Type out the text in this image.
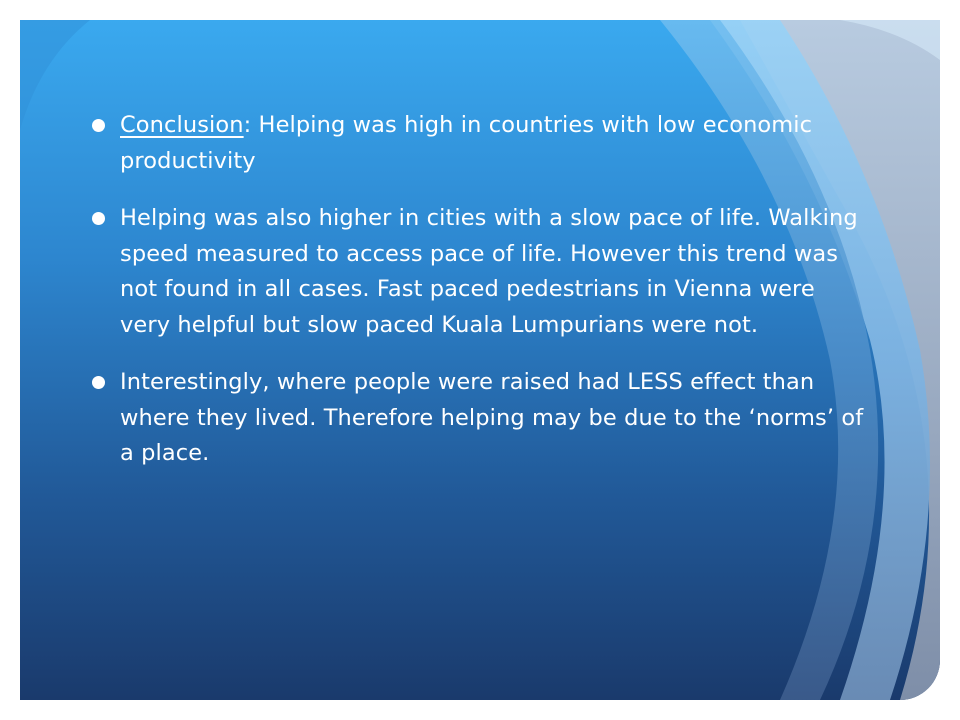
Conclusion: Helping was high in countries with low economic productivity
Helping was also higher in cities with a slow pace of life. Walking speed measured to access pace of life. However this trend was not found in all cases. Fast paced pedestrians in Vienna were very helpful but slow paced Kuala Lumpurians were not.
Interestingly, where people were raised had LESS effect than where they lived. Therefore helping may be due to the ‘norms’ of a place.
